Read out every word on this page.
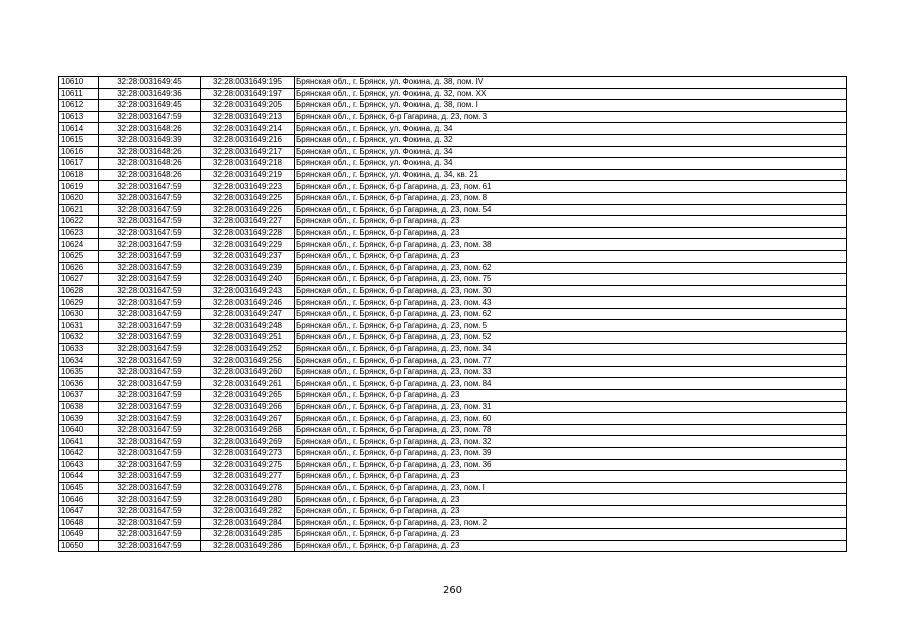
10610	32:28:0031649:45	32:28:0031649:195	Брянская обл., г. Брянск, ул. Фокина, д. 38, пом. IV
10611	32:28:0031649:36	32:28:0031649:197	Брянская обл., г. Брянск, ул. Фокина, д. 32, пом. XX
10612	32:28:0031649:45	32:28:0031649:205	Брянская обл., г. Брянск, ул. Фокина, д. 38, пом. I
10613	32:28:0031647:59	32:28:0031649:213	Брянская обл., г. Брянск, б-р Гагарина, д. 23, пом. 3
10614	32:28:0031648:26	32:28:0031649:214	Брянская обл., г. Брянск, ул. Фокина, д. 34
10615	32:28:0031649:39	32:28:0031649:216	Брянская обл., г. Брянск, ул. Фокина, д. 32
10616	32:28:0031648:26	32:28:0031649:217	Брянская обл., г. Брянск, ул. Фокина, д. 34
10617	32:28:0031648:26	32:28:0031649:218	Брянская обл., г. Брянск, ул. Фокина, д. 34
10618	32:28:0031648:26	32:28:0031649:219	Брянская обл., г. Брянск, ул. Фокина, д. 34, кв. 21
10619	32:28:0031647:59	32:28:0031649:223	Брянская обл., г. Брянск, б-р Гагарина, д. 23, пом. 61
10620	32:28:0031647:59	32:28:0031649:225	Брянская обл., г. Брянск, б-р Гагарина, д. 23, пом. 8
10621	32:28:0031647:59	32:28:0031649:226	Брянская обл., г. Брянск, б-р Гагарина, д. 23, пом. 54
10622	32:28:0031647:59	32:28:0031649:227	Брянская обл., г. Брянск, б-р Гагарина, д. 23
10623	32:28:0031647:59	32:28:0031649:228	Брянская обл., г. Брянск, б-р Гагарина, д. 23
10624	32:28:0031647:59	32:28:0031649:229	Брянская обл., г. Брянск, б-р Гагарина, д. 23, пом. 38
10625	32:28:0031647:59	32:28:0031649:237	Брянская обл., г. Брянск, б-р Гагарина, д. 23
10626	32:28:0031647:59	32:28:0031649:239	Брянская обл., г. Брянск, б-р Гагарина, д. 23, пом. 62
10627	32:28:0031647:59	32:28:0031649:240	Брянская обл., г. Брянск, б-р Гагарина, д. 23, пом. 75
10628	32:28:0031647:59	32:28:0031649:243	Брянская обл., г. Брянск, б-р Гагарина, д. 23, пом. 30
10629	32:28:0031647:59	32:28:0031649:246	Брянская обл., г. Брянск, б-р Гагарина, д. 23, пом. 43
10630	32:28:0031647:59	32:28:0031649:247	Брянская обл., г. Брянск, б-р Гагарина, д. 23, пом. 62
10631	32:28:0031647:59	32:28:0031649:248	Брянская обл., г. Брянск, б-р Гагарина, д. 23, пом. 5
10632	32:28:0031647:59	32:28:0031649:251	Брянская обл., г. Брянск, б-р Гагарина, д. 23, пом. 52
10633	32:28:0031647:59	32:28:0031649:252	Брянская обл., г. Брянск, б-р Гагарина, д. 23, пом. 34
10634	32:28:0031647:59	32:28:0031649:256	Брянская обл., г. Брянск, б-р Гагарина, д. 23, пом. 77
10635	32:28:0031647:59	32:28:0031649:260	Брянская обл., г. Брянск, б-р Гагарина, д. 23, пом. 33
10636	32:28:0031647:59	32:28:0031649:261	Брянская обл., г. Брянск, б-р Гагарина, д. 23, пом. 84
10637	32:28:0031647:59	32:28:0031649:265	Брянская обл., г. Брянск, б-р Гагарина, д. 23
10638	32:28:0031647:59	32:28:0031649:266	Брянская обл., г. Брянск, б-р Гагарина, д. 23, пом. 31
10639	32:28:0031647:59	32:28:0031649:267	Брянская обл., г. Брянск, б-р Гагарина, д. 23, пом. 60
10640	32:28:0031647:59	32:28:0031649:268	Брянская обл., г. Брянск, б-р Гагарина, д. 23, пом. 78
10641	32:28:0031647:59	32:28:0031649:269	Брянская обл., г. Брянск, б-р Гагарина, д. 23, пом. 32
10642	32:28:0031647:59	32:28:0031649:273	Брянская обл., г. Брянск, б-р Гагарина, д. 23, пом. 39
10643	32:28:0031647:59	32:28:0031649:275	Брянская обл., г. Брянск, б-р Гагарина, д. 23, пом. 36
10644	32:28:0031647:59	32:28:0031649:277	Брянская обл., г. Брянск, б-р Гагарина, д. 23
10645	32:28:0031647:59	32:28:0031649:278	Брянская обл., г. Брянск, б-р Гагарина, д. 23, пом. I
10646	32:28:0031647:59	32:28:0031649:280	Брянская обл., г. Брянск, б-р Гагарина, д. 23
10647	32:28:0031647:59	32:28:0031649:282	Брянская обл., г. Брянск, б-р Гагарина, д. 23
10648	32:28:0031647:59	32:28:0031649:284	Брянская обл., г. Брянск, б-р Гагарина, д. 23, пом. 2
10649	32:28:0031647:59	32:28:0031649:285	Брянская обл., г. Брянск, б-р Гагарина, д. 23
10650	32:28:0031647:59	32:28:0031649:286	Брянская обл., г. Брянск, б-р Гагарина, д. 23
260
